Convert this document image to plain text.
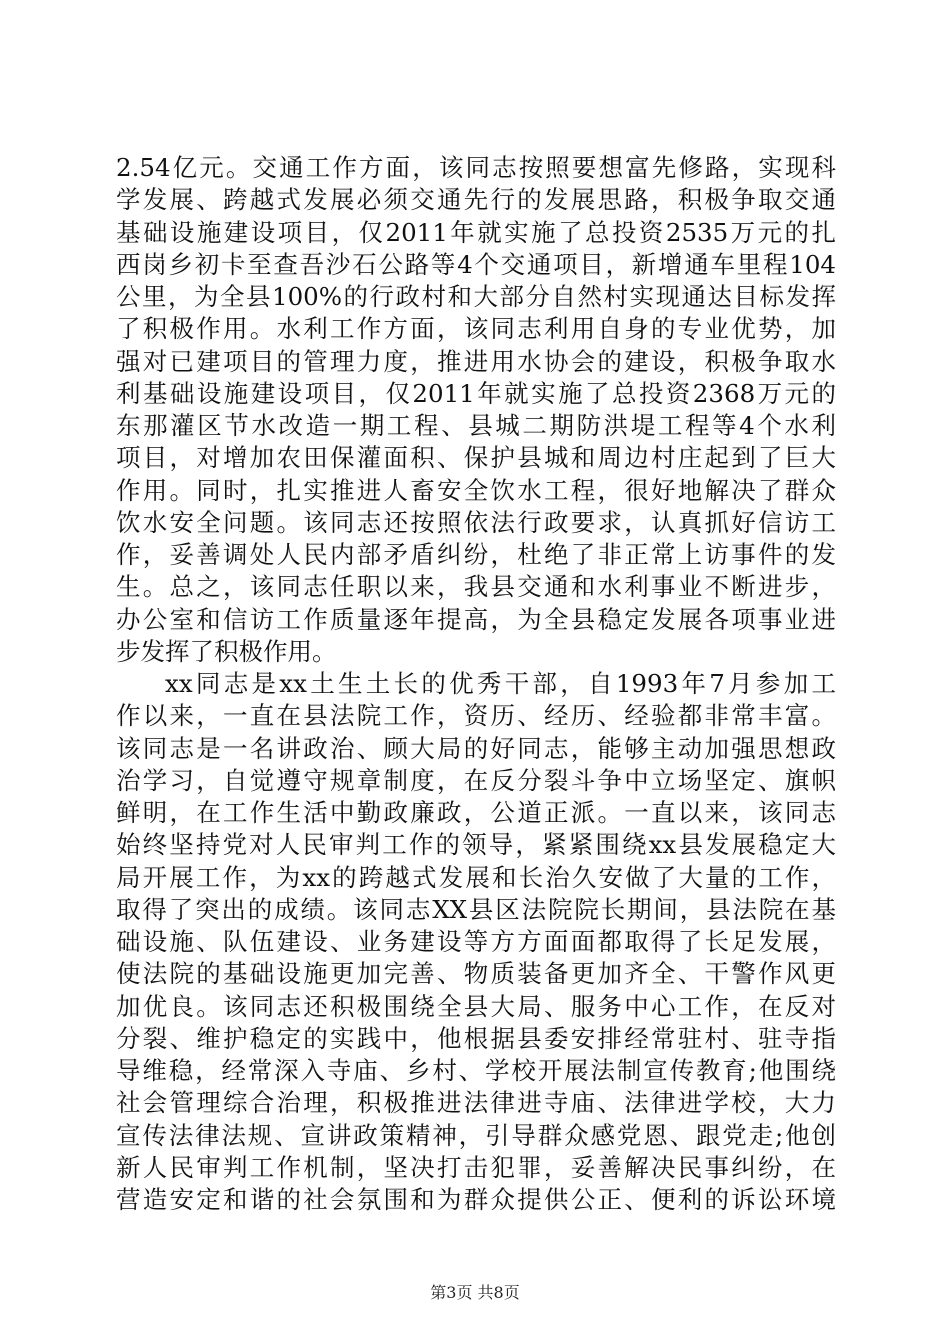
2.54亿元。交通工作方面，该同志按照要想富先修路，实现科
学发展、跨越式发展必须交通先行的发展思路，积极争取交通
基础设施建设项目，仅2011年就实施了总投资2535万元的扎
西岗乡初卡至查吾沙石公路等4个交通项目，新增通车里程104
公里，为全县100%的行政村和大部分自然村实现通达目标发挥
了积极作用。水利工作方面，该同志利用自身的专业优势，加
强对已建项目的管理力度，推进用水协会的建设，积极争取水
利基础设施建设项目，仅2011年就实施了总投资2368万元的
东那灌区节水改造一期工程、县城二期防洪堤工程等4个水利
项目，对增加农田保灌面积、保护县城和周边村庄起到了巨大
作用。同时，扎实推进人畜安全饮水工程，很好地解决了群众
饮水安全问题。该同志还按照依法行政要求，认真抓好信访工
作，妥善调处人民内部矛盾纠纷，杜绝了非正常上访事件的发
生。总之，该同志任职以来，我县交通和水利事业不断进步，
办公室和信访工作质量逐年提高，为全县稳定发展各项事业进
步发挥了积极作用。
xx同志是xx土生土长的优秀干部，自1993年7月参加工
作以来，一直在县法院工作，资历、经历、经验都非常丰富。
该同志是一名讲政治、顾大局的好同志，能够主动加强思想政
治学习，自觉遵守规章制度，在反分裂斗争中立场坚定、旗帜
鲜明，在工作生活中勤政廉政，公道正派。一直以来，该同志
始终坚持党对人民审判工作的领导，紧紧围绕xx县发展稳定大
局开展工作，为xx的跨越式发展和长治久安做了大量的工作，
取得了突出的成绩。该同志XX县区法院院长期间，县法院在基
础设施、队伍建设、业务建设等方方面面都取得了长足发展，
使法院的基础设施更加完善、物质装备更加齐全、干警作风更
加优良。该同志还积极围绕全县大局、服务中心工作，在反对
分裂、维护稳定的实践中，他根据县委安排经常驻村、驻寺指
导维稳，经常深入寺庙、乡村、学校开展法制宣传教育;他围绕
社会管理综合治理，积极推进法律进寺庙、法律进学校，大力
宣传法律法规、宣讲政策精神，引导群众感党恩、跟党走;他创
新人民审判工作机制，坚决打击犯罪，妥善解决民事纠纷，在
营造安定和谐的社会氛围和为群众提供公正、便利的诉讼环境
第3页 共8页
